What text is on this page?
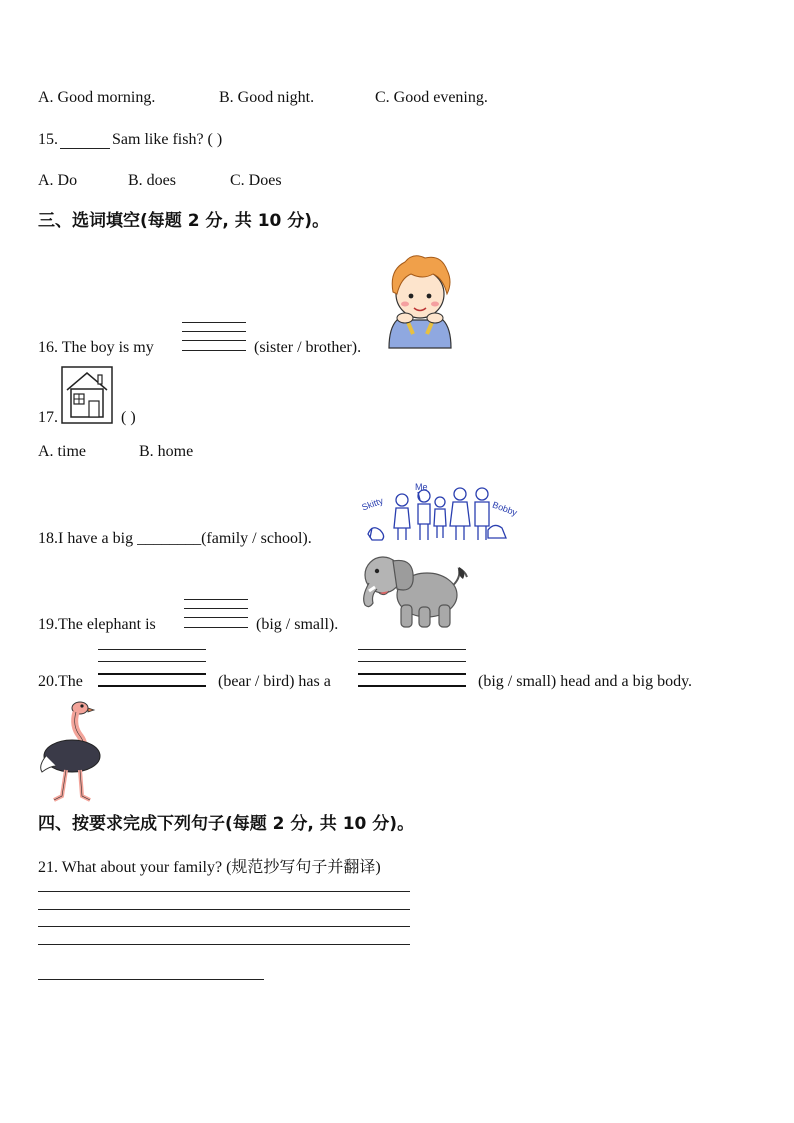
A. Good morning.	B. Good night.	C. Good evening.
15.	Sam like fish? ( )
A. Do	B. does	C. Does
三、选词填空(每题 2 分, 共 10 分)。
16. The boy is my	(sister / brother).
17.	( )
A. time	B. home
18.I have a big ________(family / school).
Skitty
Me
Bobby
19.The elephant is	(big / small).
20.The	(bear / bird) has a	(big / small) head and a big body.
四、按要求完成下列句子(每题 2 分, 共 10 分)。
21. What about your family? (规范抄写句子并翻译)
